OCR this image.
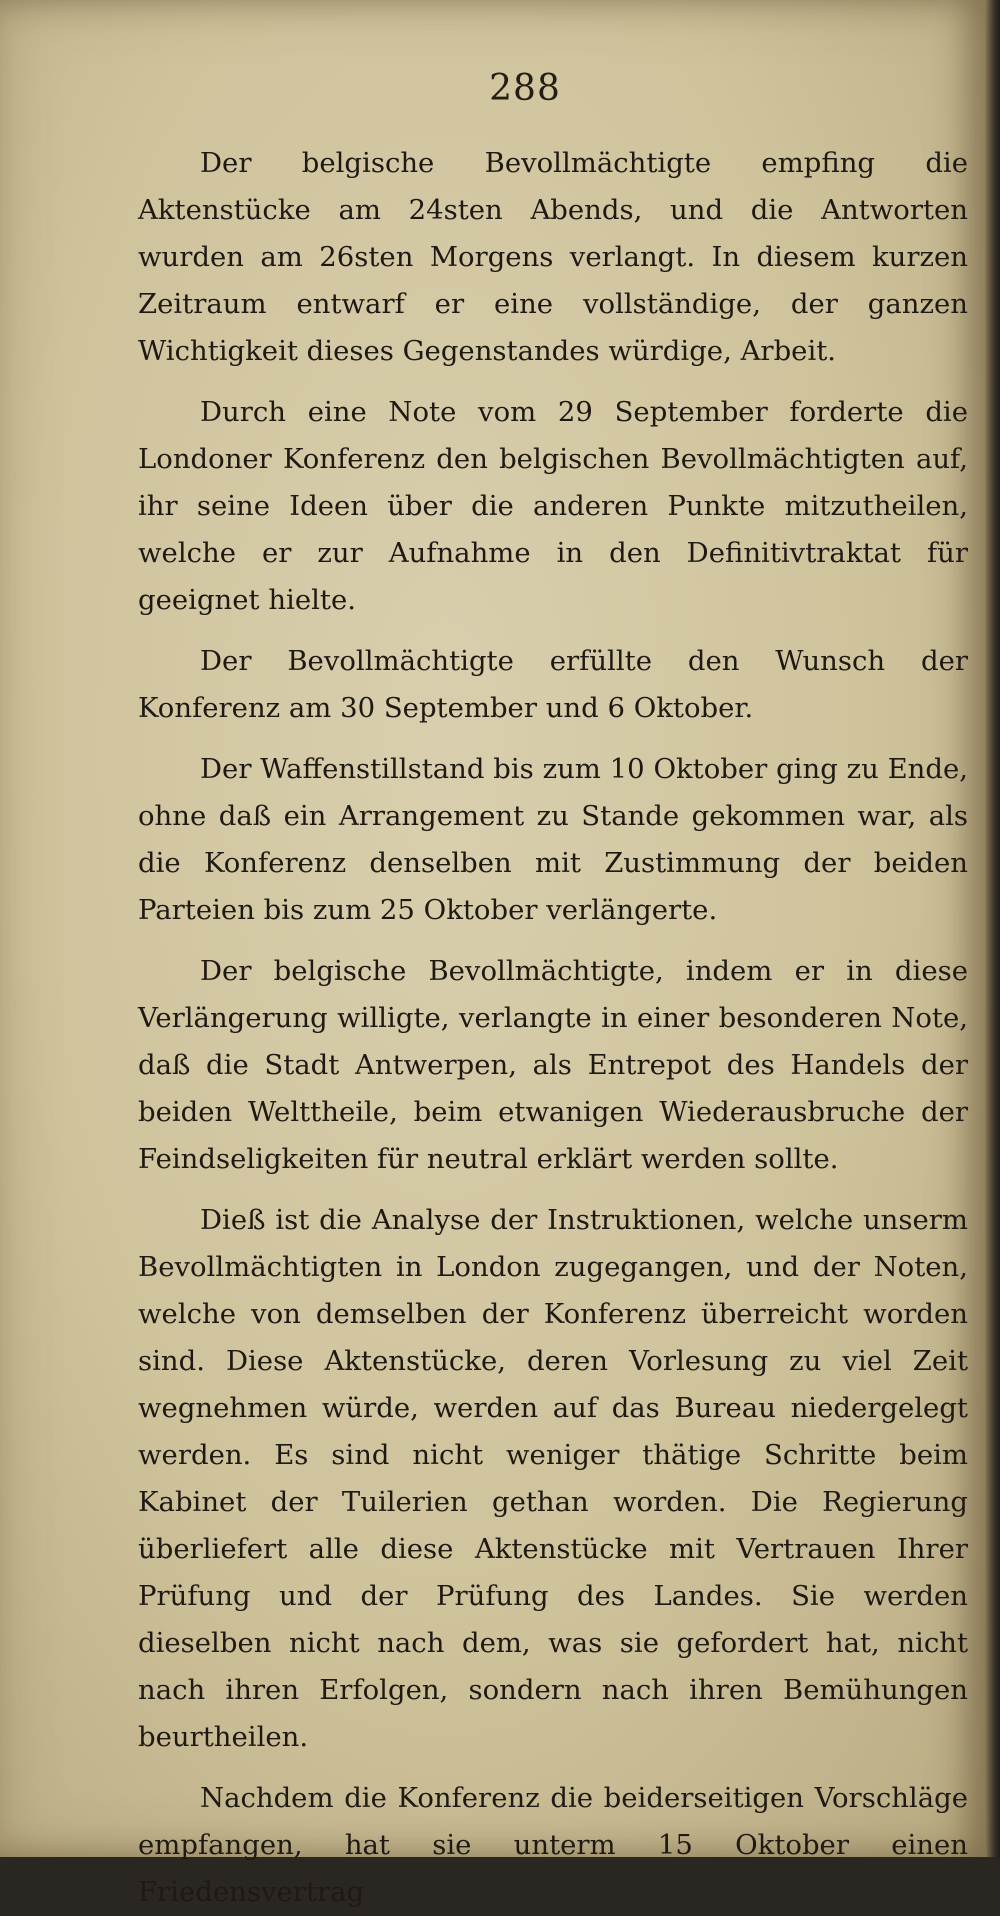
288

Der belgische Bevollmächtigte empfing die Aktenstücke am 24sten Abends, und die Antworten wurden am 26sten Morgens verlangt. In diesem kurzen Zeitraum entwarf er eine vollständige, der ganzen Wichtigkeit dieses Gegenstandes würdige, Arbeit.

Durch eine Note vom 29 September forderte die Londoner Konferenz den belgischen Bevollmächtigten auf, ihr seine Ideen über die anderen Punkte mitzutheilen, welche er zur Aufnahme in den Definitivtraktat für geeignet hielte.

Der Bevollmächtigte erfüllte den Wunsch der Konferenz am 30 September und 6 Oktober.

Der Waffenstillstand bis zum 10 Oktober ging zu Ende, ohne daß ein Arrangement zu Stande gekommen war, als die Konferenz denselben mit Zustimmung der beiden Parteien bis zum 25 Oktober verlängerte.

Der belgische Bevollmächtigte, indem er in diese Verlängerung willigte, verlangte in einer besonderen Note, daß die Stadt Antwerpen, als Entrepot des Handels der beiden Welttheile, beim etwanigen Wiederausbruche der Feindseligkeiten für neutral erklärt werden sollte.

Dieß ist die Analyse der Instruktionen, welche unserm Bevollmächtigten in London zugegangen, und der Noten, welche von demselben der Konferenz überreicht worden sind. Diese Aktenstücke, deren Vorlesung zu viel Zeit wegnehmen würde, werden auf das Bureau niedergelegt werden. Es sind nicht weniger thätige Schritte beim Kabinet der Tuilerien gethan worden. Die Regierung überliefert alle diese Aktenstücke mit Vertrauen Ihrer Prüfung und der Prüfung des Landes. Sie werden dieselben nicht nach dem, was sie gefordert hat, nicht nach ihren Erfolgen, sondern nach ihren Bemühungen beurtheilen.

Nachdem die Konferenz die beiderseitigen Vorschläge empfangen, hat sie unterm 15 Oktober einen Friedensvertrag
